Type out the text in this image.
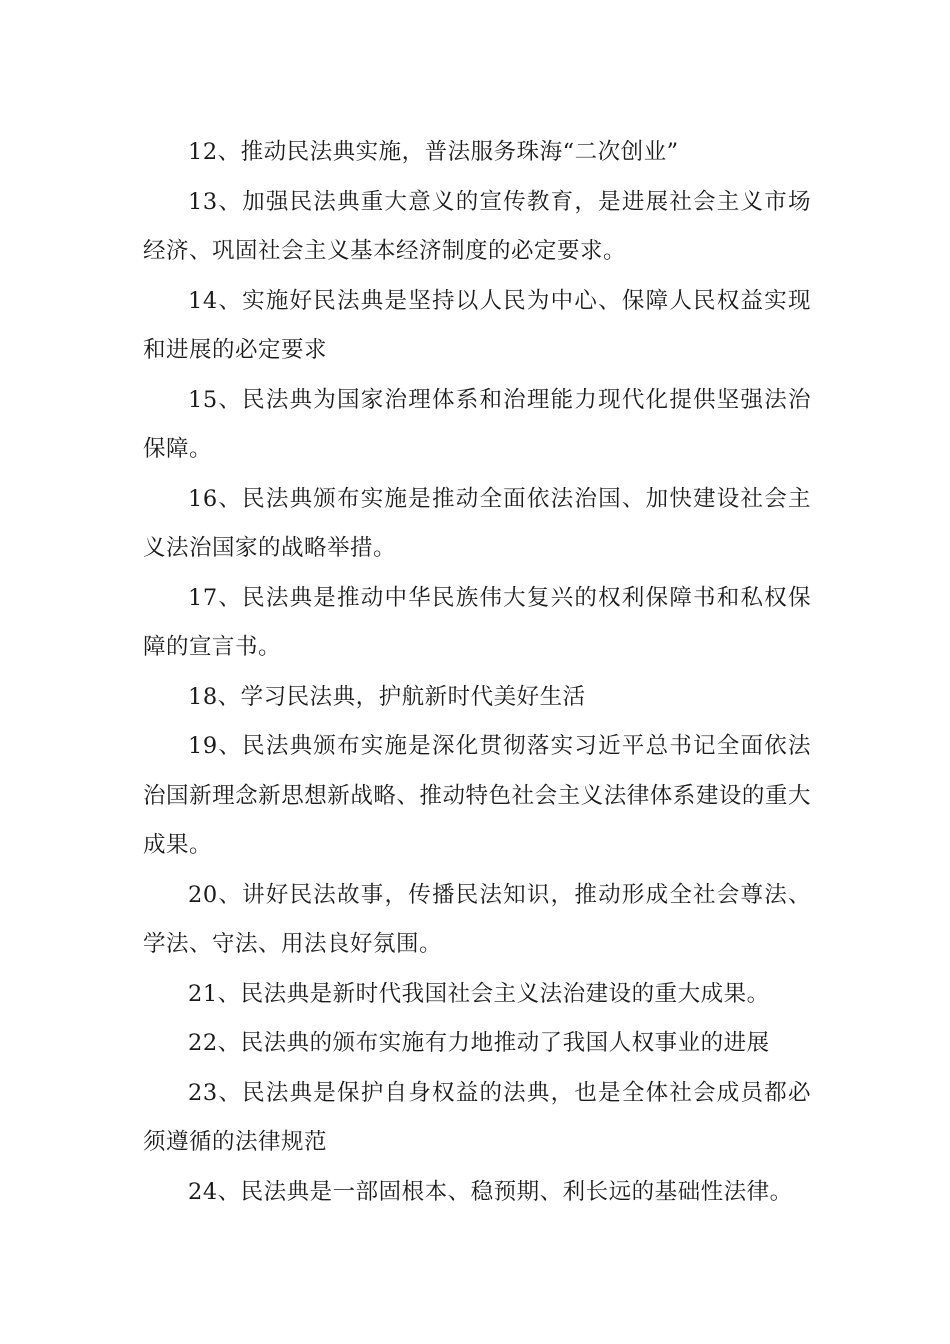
12、推动民法典实施，普法服务珠海“二次创业”

13、加强民法典重大意义的宣传教育，是进展社会主义市场经济、巩固社会主义基本经济制度的必定要求。

14、实施好民法典是坚持以人民为中心、保障人民权益实现和进展的必定要求

15、民法典为国家治理体系和治理能力现代化提供坚强法治保障。

16、民法典颁布实施是推动全面依法治国、加快建设社会主义法治国家的战略举措。

17、民法典是推动中华民族伟大复兴的权利保障书和私权保障的宣言书。

18、学习民法典，护航新时代美好生活

19、民法典颁布实施是深化贯彻落实习近平总书记全面依法治国新理念新思想新战略、推动特色社会主义法律体系建设的重大成果。

20、讲好民法故事，传播民法知识，推动形成全社会尊法、学法、守法、用法良好氛围。

21、民法典是新时代我国社会主义法治建设的重大成果。

22、民法典的颁布实施有力地推动了我国人权事业的进展

23、民法典是保护自身权益的法典，也是全体社会成员都必须遵循的法律规范

24、民法典是一部固根本、稳预期、利长远的基础性法律。
